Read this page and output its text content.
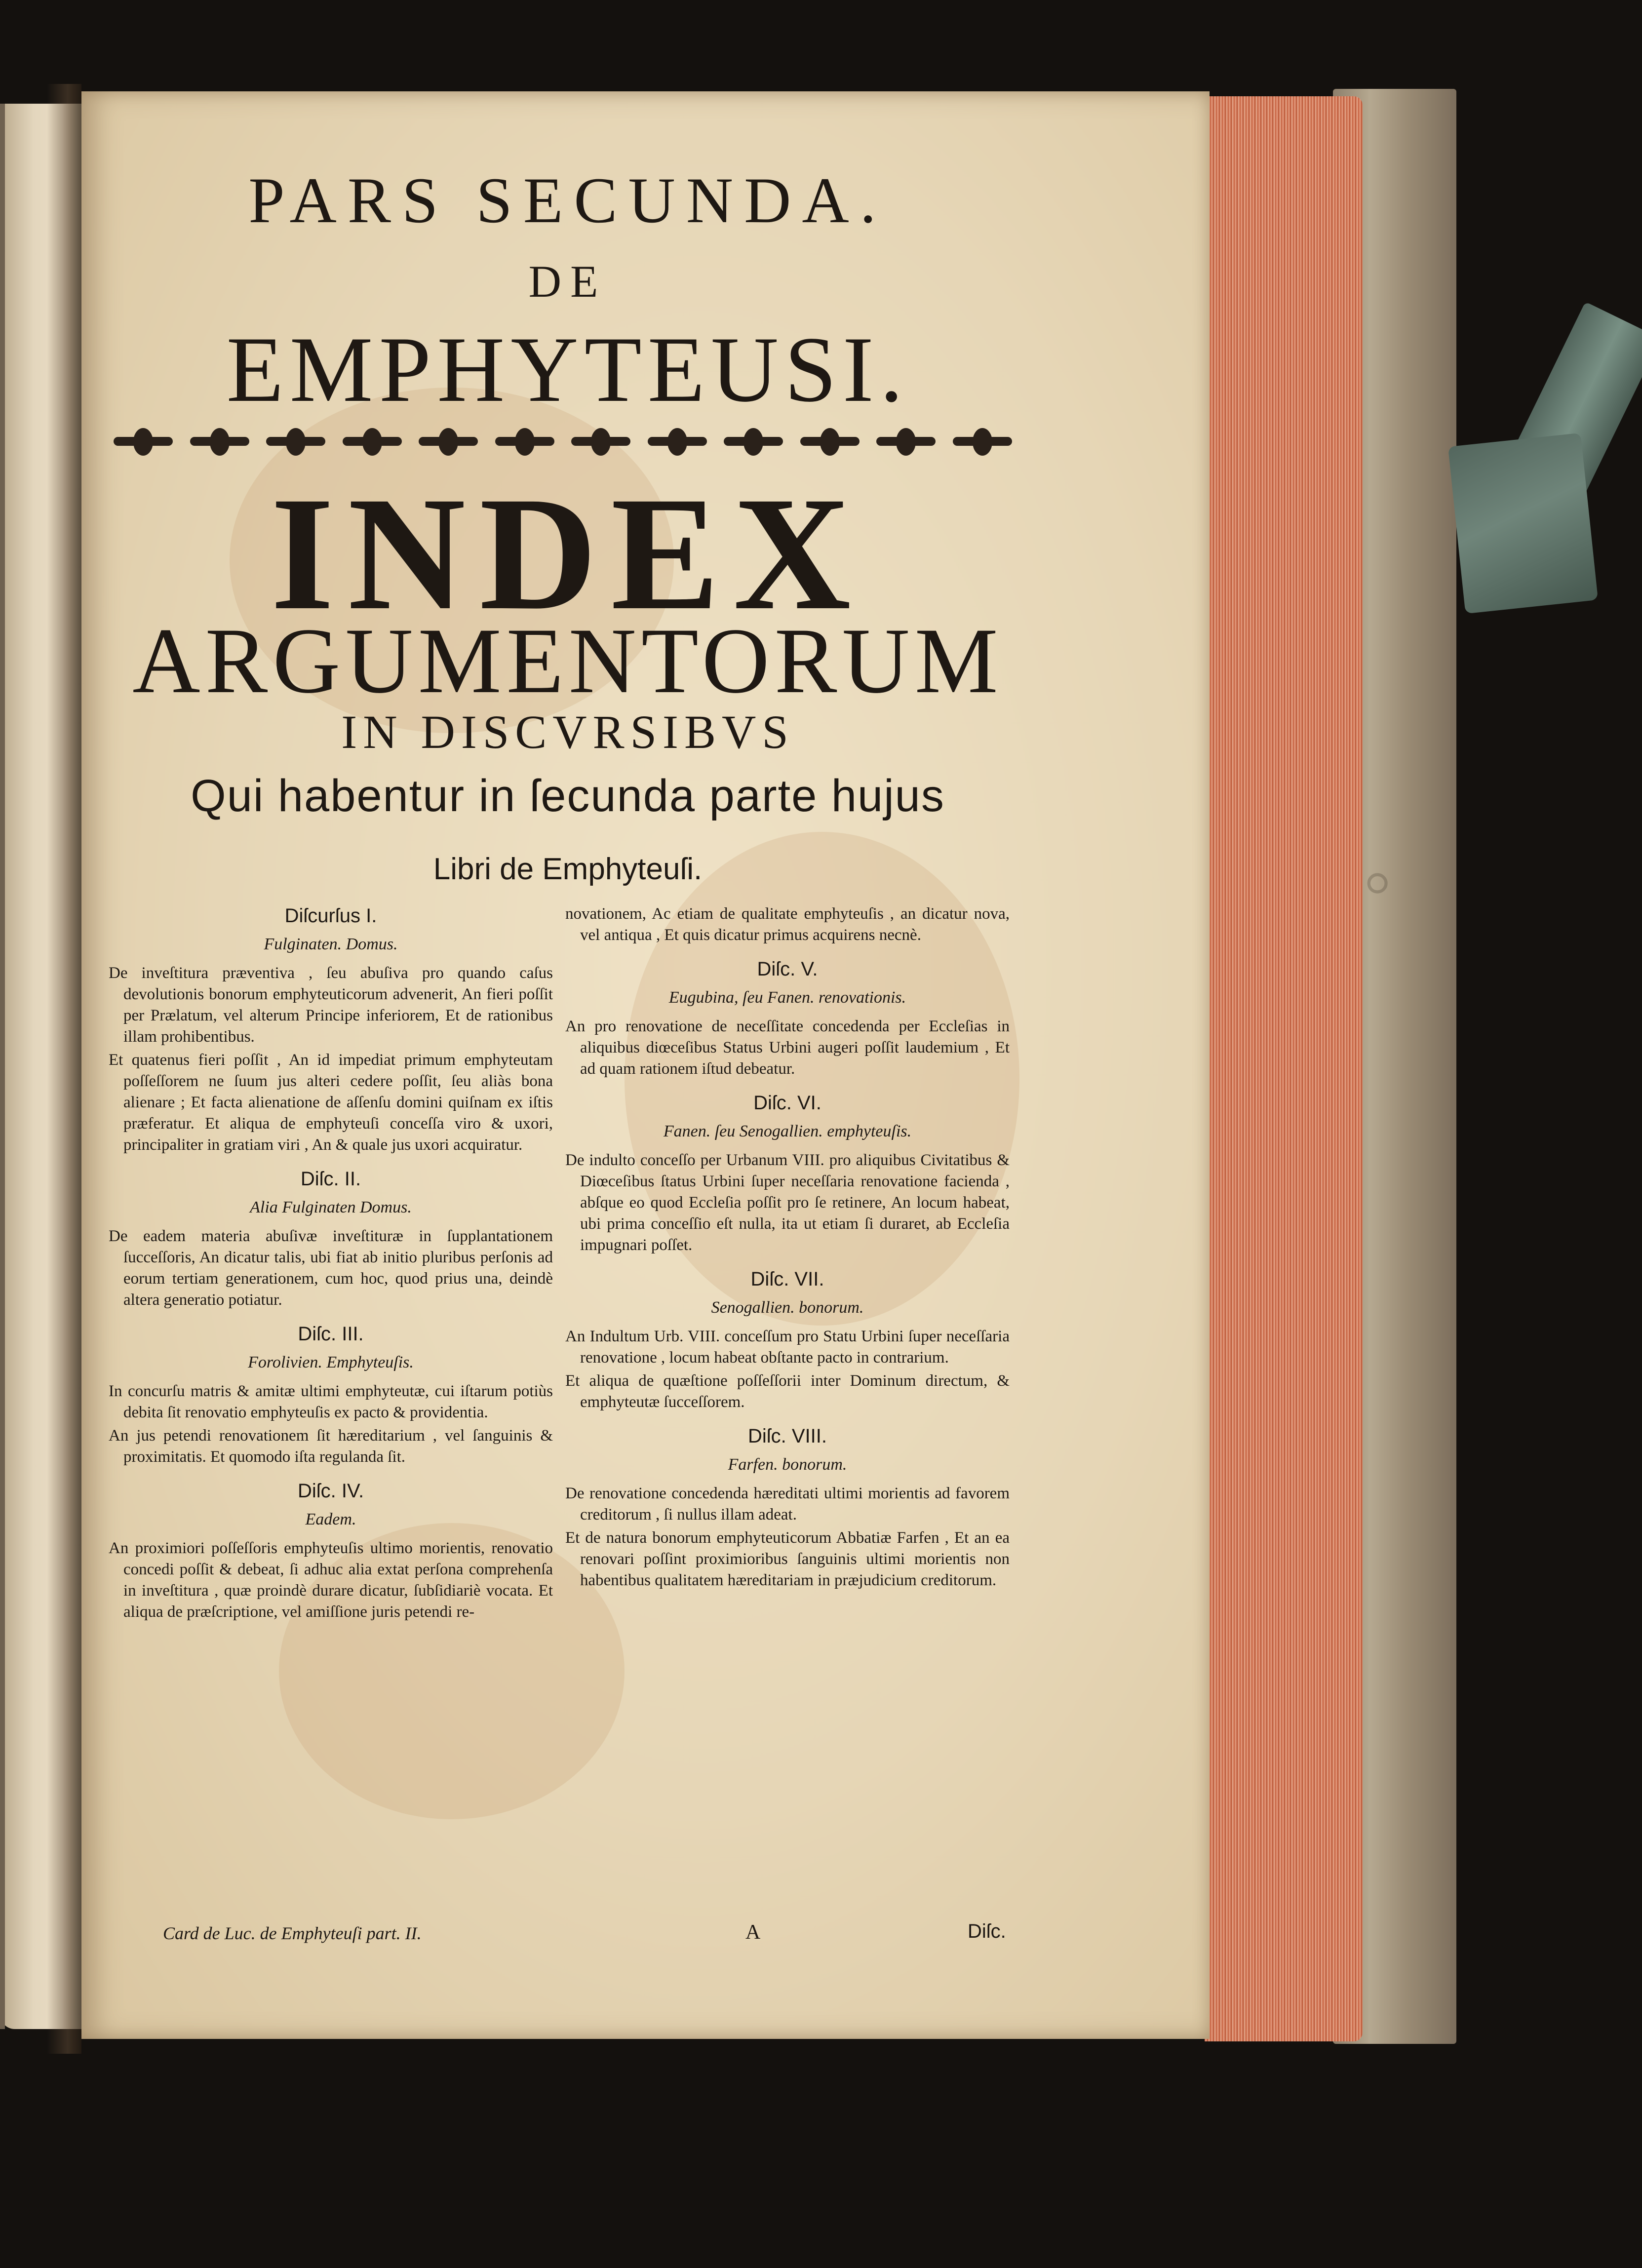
◦

PARS SECUNDA.

DE

EMPHYTEUSI.

INDEX

ARGUMENTORUM

IN DISCVRSIBVS

Qui habentur in ſecunda parte hujus

Libri de Emphyteuſi.

Diſcurſus I.

Fulginaten. Domus.

De inveſtitura præventiva , ſeu abuſiva pro quando caſus devolutionis bonorum emphyteuticorum advenerit, An fieri poſſit per Prælatum, vel alterum Principe inferiorem, Et de rationibus illam prohibentibus.

Et quatenus fieri poſſit , An id impediat primum emphyteutam poſſeſſorem ne ſuum jus alteri cedere poſſit, ſeu aliàs bona alienare ; Et facta alienatione de aſſenſu domini quiſnam ex iſtis præferatur. Et aliqua de emphyteuſi conceſſa viro & uxori, principaliter in gratiam viri , An & quale jus uxori acquiratur.

Diſc. II.

Alia Fulginaten Domus.

De eadem materia abuſivæ inveſtituræ in ſupplantationem ſucceſſoris, An dicatur talis, ubi fiat ab initio pluribus perſonis ad eorum tertiam generationem, cum hoc, quod prius una, deindè altera generatio potiatur.

Diſc. III.

Forolivien. Emphyteuſis.

In concurſu matris & amitæ ultimi emphyteutæ, cui iſtarum potiùs debita ſit renovatio emphyteuſis ex pacto & providentia.

An jus petendi renovationem ſit hæreditarium , vel ſanguinis & proximitatis. Et quomodo iſta regulanda ſit.

Diſc. IV.

Eadem.

An proximiori poſſeſſoris emphyteuſis ultimo morientis, renovatio concedi poſſit & debeat, ſi adhuc alia extat perſona comprehenſa in inveſtitura , quæ proindè durare dicatur, ſubſidiariè vocata. Et aliqua de præſcriptione, vel amiſſione juris petendi re-

novationem, Ac etiam de qualitate emphyteuſis , an dicatur nova, vel antiqua , Et quis dicatur primus acquirens necnè.

Diſc. V.

Eugubina, ſeu Fanen. renovationis.

An pro renovatione de neceſſitate concedenda per Eccleſias in aliquibus diœceſibus Status Urbini augeri poſſit laudemium , Et ad quam rationem iſtud debeatur.

Diſc. VI.

Fanen. ſeu Senogallien. emphyteuſis.

De indulto conceſſo per Urbanum VIII. pro aliquibus Civitatibus & Diœceſibus ſtatus Urbini ſuper neceſſaria renovatione facienda , abſque eo quod Eccleſia poſſit pro ſe retinere, An locum habeat, ubi prima conceſſio eſt nulla, ita ut etiam ſi duraret, ab Eccleſia impugnari poſſet.

Diſc. VII.

Senogallien. bonorum.

An Indultum Urb. VIII. conceſſum pro Statu Urbini ſuper neceſſaria renovatione , locum habeat obſtante pacto in contrarium.

Et aliqua de quæſtione poſſeſſorii inter Dominum directum, & emphyteutæ ſucceſſorem.

Diſc. VIII.

Farfen. bonorum.

De renovatione concedenda hæreditati ultimi morientis ad favorem creditorum , ſi nullus illam adeat.

Et de natura bonorum emphyteuticorum Abbatiæ Farfen , Et an ea renovari poſſint proximioribus ſanguinis ultimi morientis non habentibus qualitatem hæreditariam in præjudicium creditorum.

Card de Luc. de Emphyteuſi part. II.	A	Diſc.
